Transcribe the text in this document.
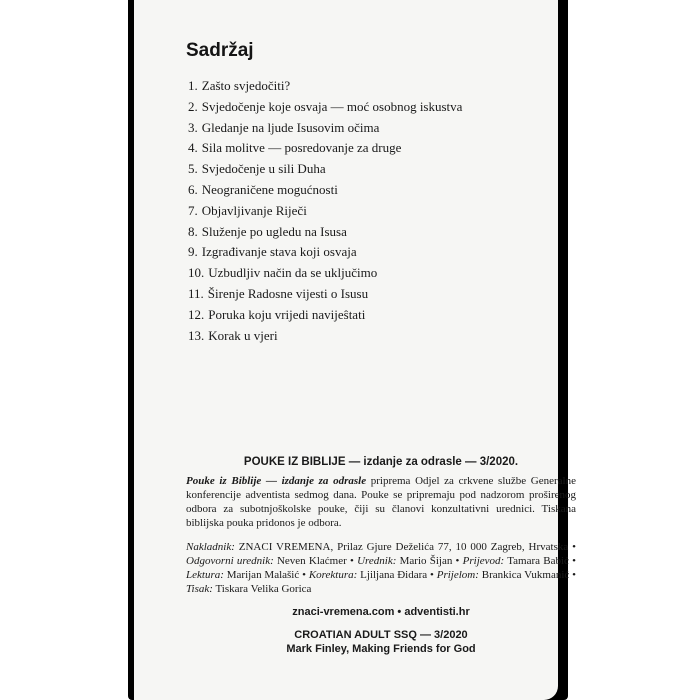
Sadržaj
1. Zašto svjedočiti?
2. Svjedočenje koje osvaja — moć osobnog iskustva
3. Gledanje na ljude Isusovim očima
4. Sila molitve — posredovanje za druge
5. Svjedočenje u sili Duha
6. Neograničene mogućnosti
7. Objavljivanje Riječi
8. Služenje po ugledu na Isusa
9. Izgrađivanje stava koji osvaja
10. Uzbudljiv način da se uključimo
11. Širenje Radosne vijesti o Isusu
12. Poruka koju vrijedi navijeŝtati
13. Korak u vjeri
POUKE IZ BIBLIJE — izdanje za odrasle — 3/2020.

Pouke iz Biblije — izdanje za odrasle priprema Odjel za crkvene službe Generalne konferencije adventista sedmog dana. Pouke se pripremaju pod nadzorom proširenog odbora za subotnjoškolske pouke, čiji su članovi konzultativni urednici. Tiskana biblijska pouka pridonos je odbora.

Nakladnik: ZNACI VREMENA, Prilaz Gjure Deželića 77, 10 000 Zagreb, Hrvatska • Odgovorni urednik: Neven Klaćmer • Urednik: Mario Šijan • Prijevod: Tamara Babić • Lektura: Marijan Malašić • Korektura: Ljiljana Đidara • Prijelom: Brankica Vukmanić • Tisak: Tiskara Velika Gorica

znaci-vremena.com • adventisti.hr
CROATIAN ADULT SSQ — 3/2020
Mark Finley, Making Friends for God
